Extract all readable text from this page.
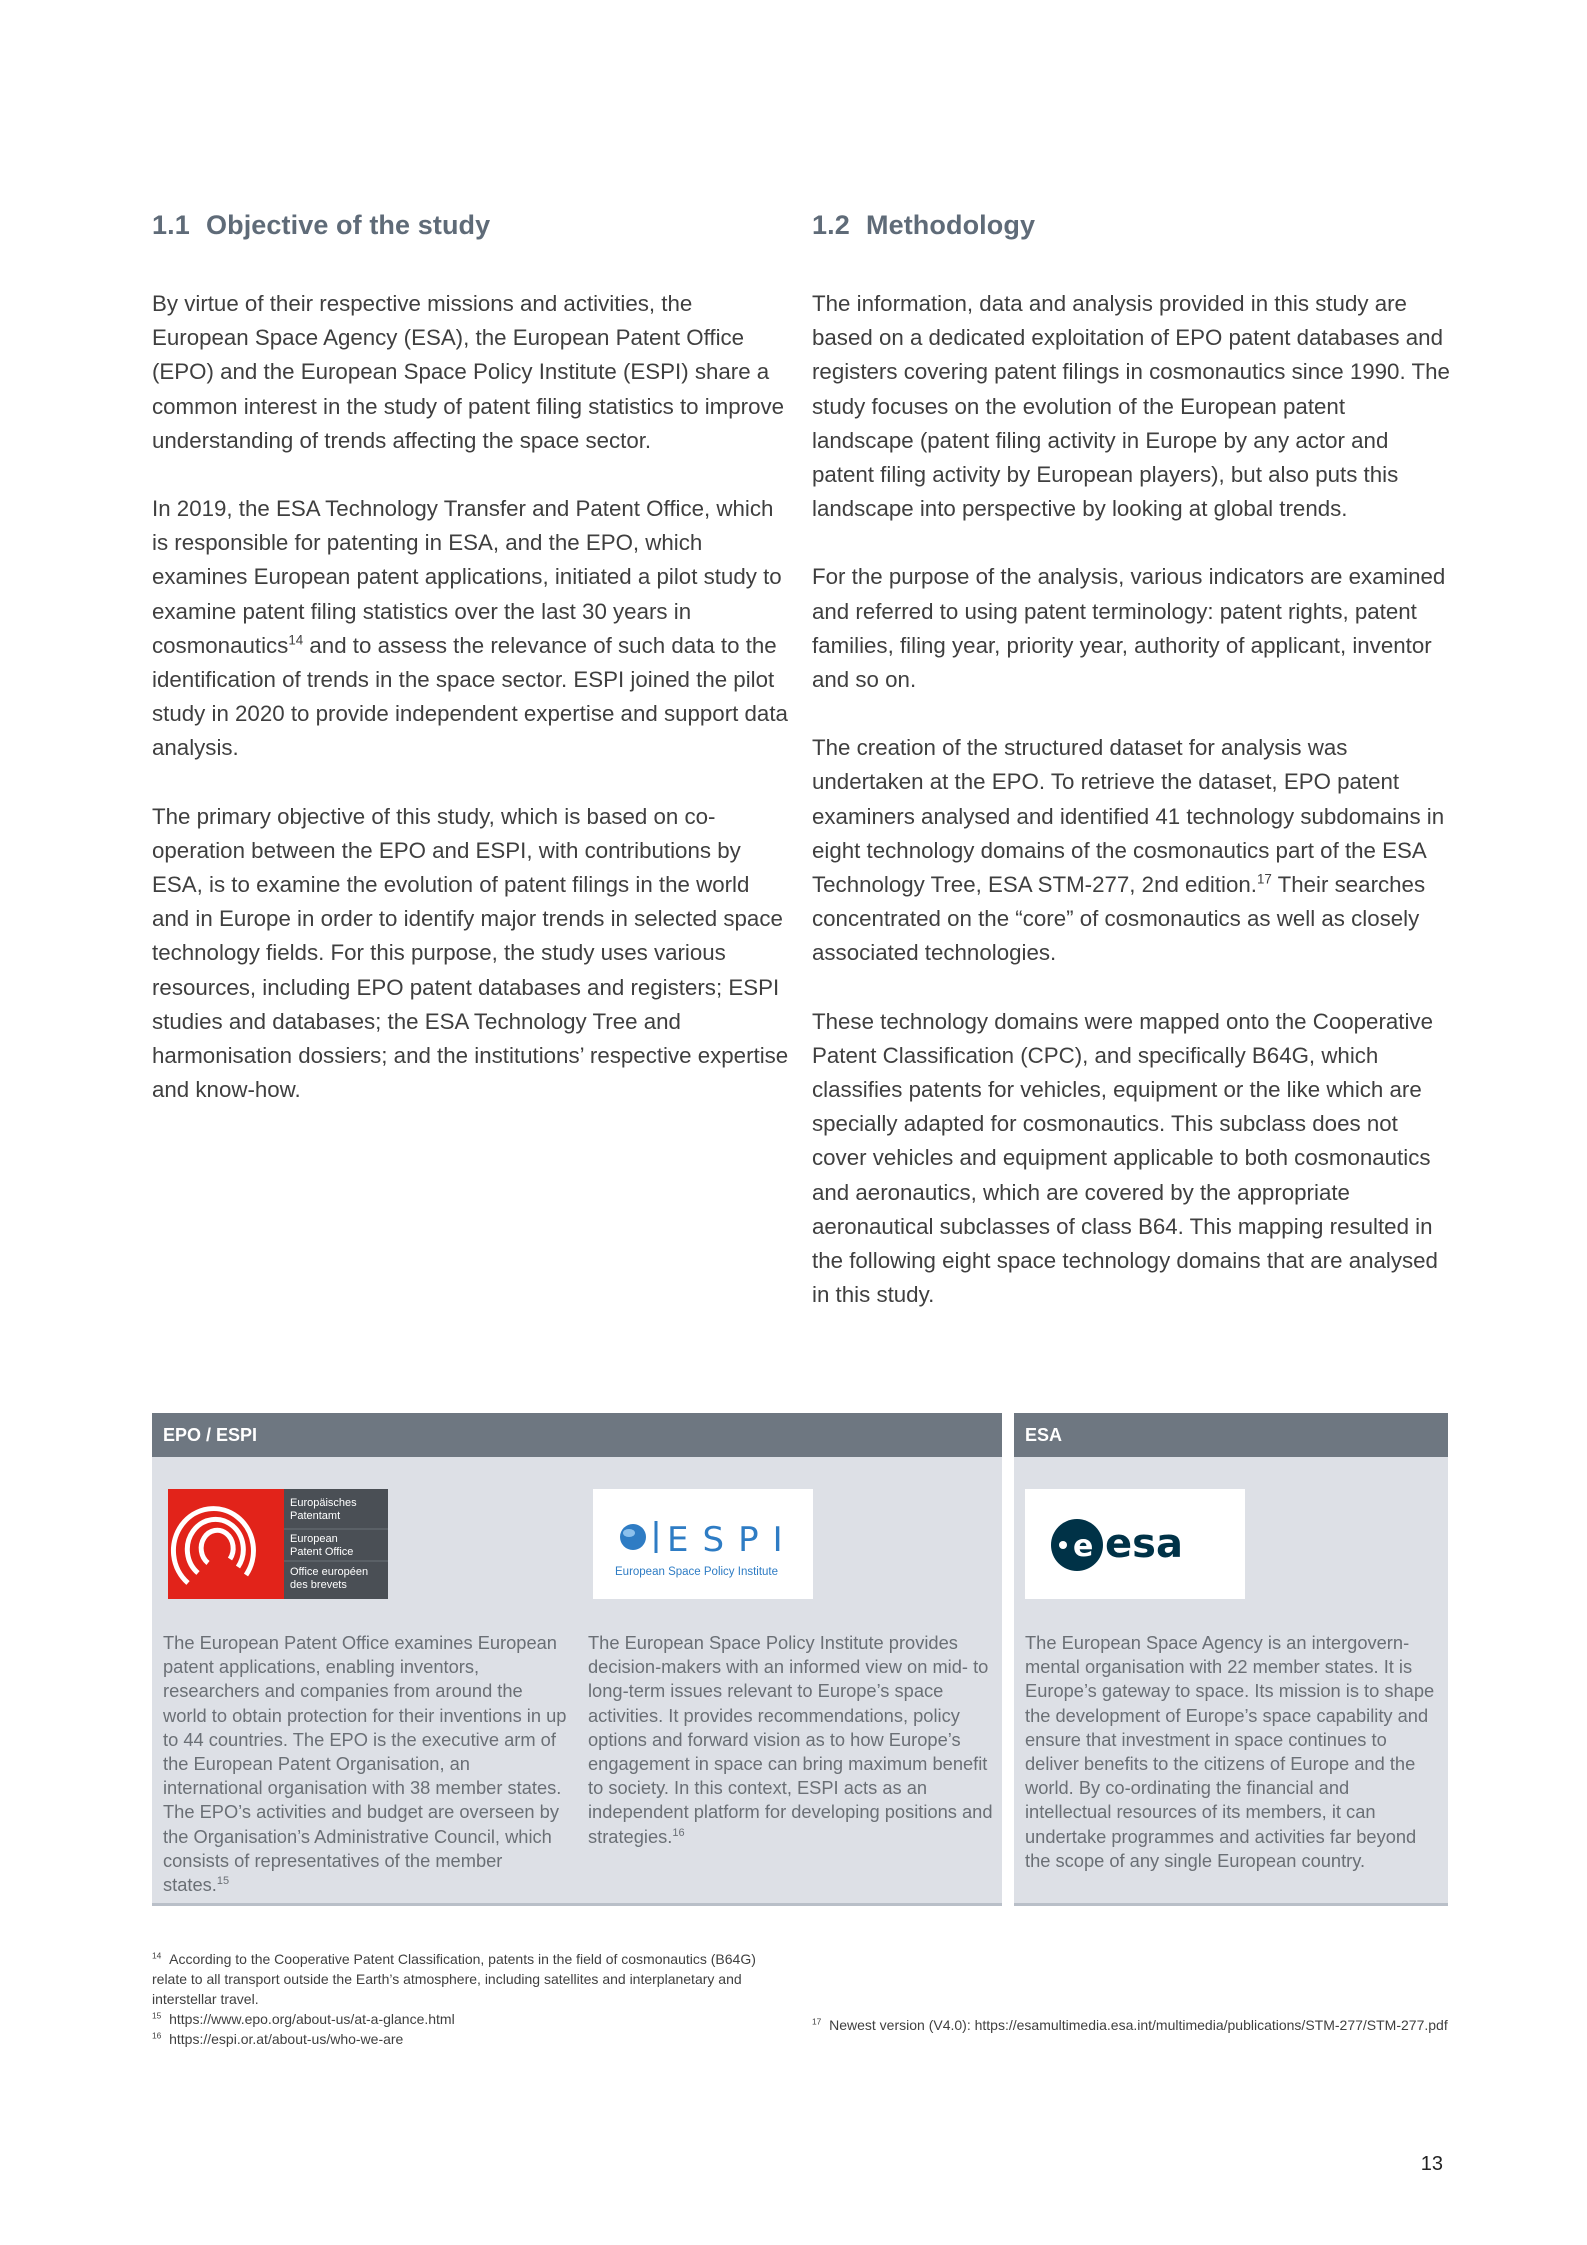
1.1 Objective of the study

By virtue of their respective missions and activities, the European Space Agency (ESA), the European Patent Office (EPO) and the European Space Policy Institute (ESPI) share a common interest in the study of patent filing statistics to improve understanding of trends affecting the space sector.

In 2019, the ESA Technology Transfer and Patent Office, which is responsible for patenting in ESA, and the EPO, which examines European patent applications, initiated a pilot study to examine patent filing statistics over the last 30 years in cosmonautics$^{14}$ and to assess the relevance of such data to the identification of trends in the space sector. ESPI joined the pilot study in 2020 to provide independent expertise and support data analysis.

The primary objective of this study, which is based on co-operation between the EPO and ESPI, with contributions by ESA, is to examine the evolution of patent filings in the world and in Europe in order to identify major trends in selected space technology fields. For this purpose, the study uses various resources, including EPO patent databases and registers; ESPI studies and databases; the ESA Technology Tree and harmonisation dossiers; and the institutions’ respective expertise and know-how.

1.2 Methodology

The information, data and analysis provided in this study are based on a dedicated exploitation of EPO patent databases and registers covering patent filings in cosmonautics since 1990. The study focuses on the evolution of the European patent landscape (patent filing activity in Europe by any actor and patent filing activity by European players), but also puts this landscape into perspective by looking at global trends.

For the purpose of the analysis, various indicators are examined and referred to using patent terminology: patent rights, patent families, filing year, priority year, authority of applicant, inventor and so on.

The creation of the structured dataset for analysis was undertaken at the EPO. To retrieve the dataset, EPO patent examiners analysed and identified 41 technology subdomains in eight technology domains of the cosmonautics part of the ESA Technology Tree, ESA STM-277, 2nd edition.$^{17}$ Their searches concentrated on the “core” of cosmonautics as well as closely associated technologies.

These technology domains were mapped onto the Cooperative Patent Classification (CPC), and specifically B64G, which classifies patents for vehicles, equipment or the like which are specially adapted for cosmonautics. This subclass does not cover vehicles and equipment applicable to both cosmonautics and aeronautics, which are covered by the appropriate aeronautical subclasses of class B64. This mapping resulted in the following eight space technology domains that are analysed in this study.

EPO / ESPI
Europäisches
Patentamt
European
Patent Office
Office européen
des brevets
ESPI
European Space Policy Institute
The European Patent Office examines European patent applications, enabling inventors, researchers and companies from around the world to obtain protection for their inventions in up to 44 countries. The EPO is the executive arm of the European Patent Organisation, an international organisation with 38 member states. The EPO’s activities and budget are overseen by the Organisation’s Administrative Council, which consists of representatives of the member states.$^{15}$
The European Space Policy Institute provides decision-makers with an informed view on mid- to long-term issues relevant to Europe’s space activities. It provides recommendations, policy options and forward vision as to how Europe’s engagement in space can bring maximum benefit to society. In this context, ESPI acts as an independent platform for developing positions and strategies.$^{16}$
ESA
e esa
The European Space Agency is an intergovernmental organisation with 22 member states. It is Europe’s gateway to space. Its mission is to shape the development of Europe’s space capability and ensure that investment in space continues to deliver benefits to the citizens of Europe and the world. By co-ordinating the financial and intellectual resources of its members, it can undertake programmes and activities far beyond the scope of any single European country.

$^{14}$ According to the Cooperative Patent Classification, patents in the field of cosmonautics (B64G) relate to all transport outside the Earth’s atmosphere, including satellites and interplanetary and interstellar travel.

$^{15}$ https://www.epo.org/about-us/at-a-glance.html

$^{16}$ https://espi.or.at/about-us/who-we-are

$^{17}$ Newest version (V4.0): https://esamultimedia.esa.int/multimedia/publications/STM-277/STM-277.pdf

13
